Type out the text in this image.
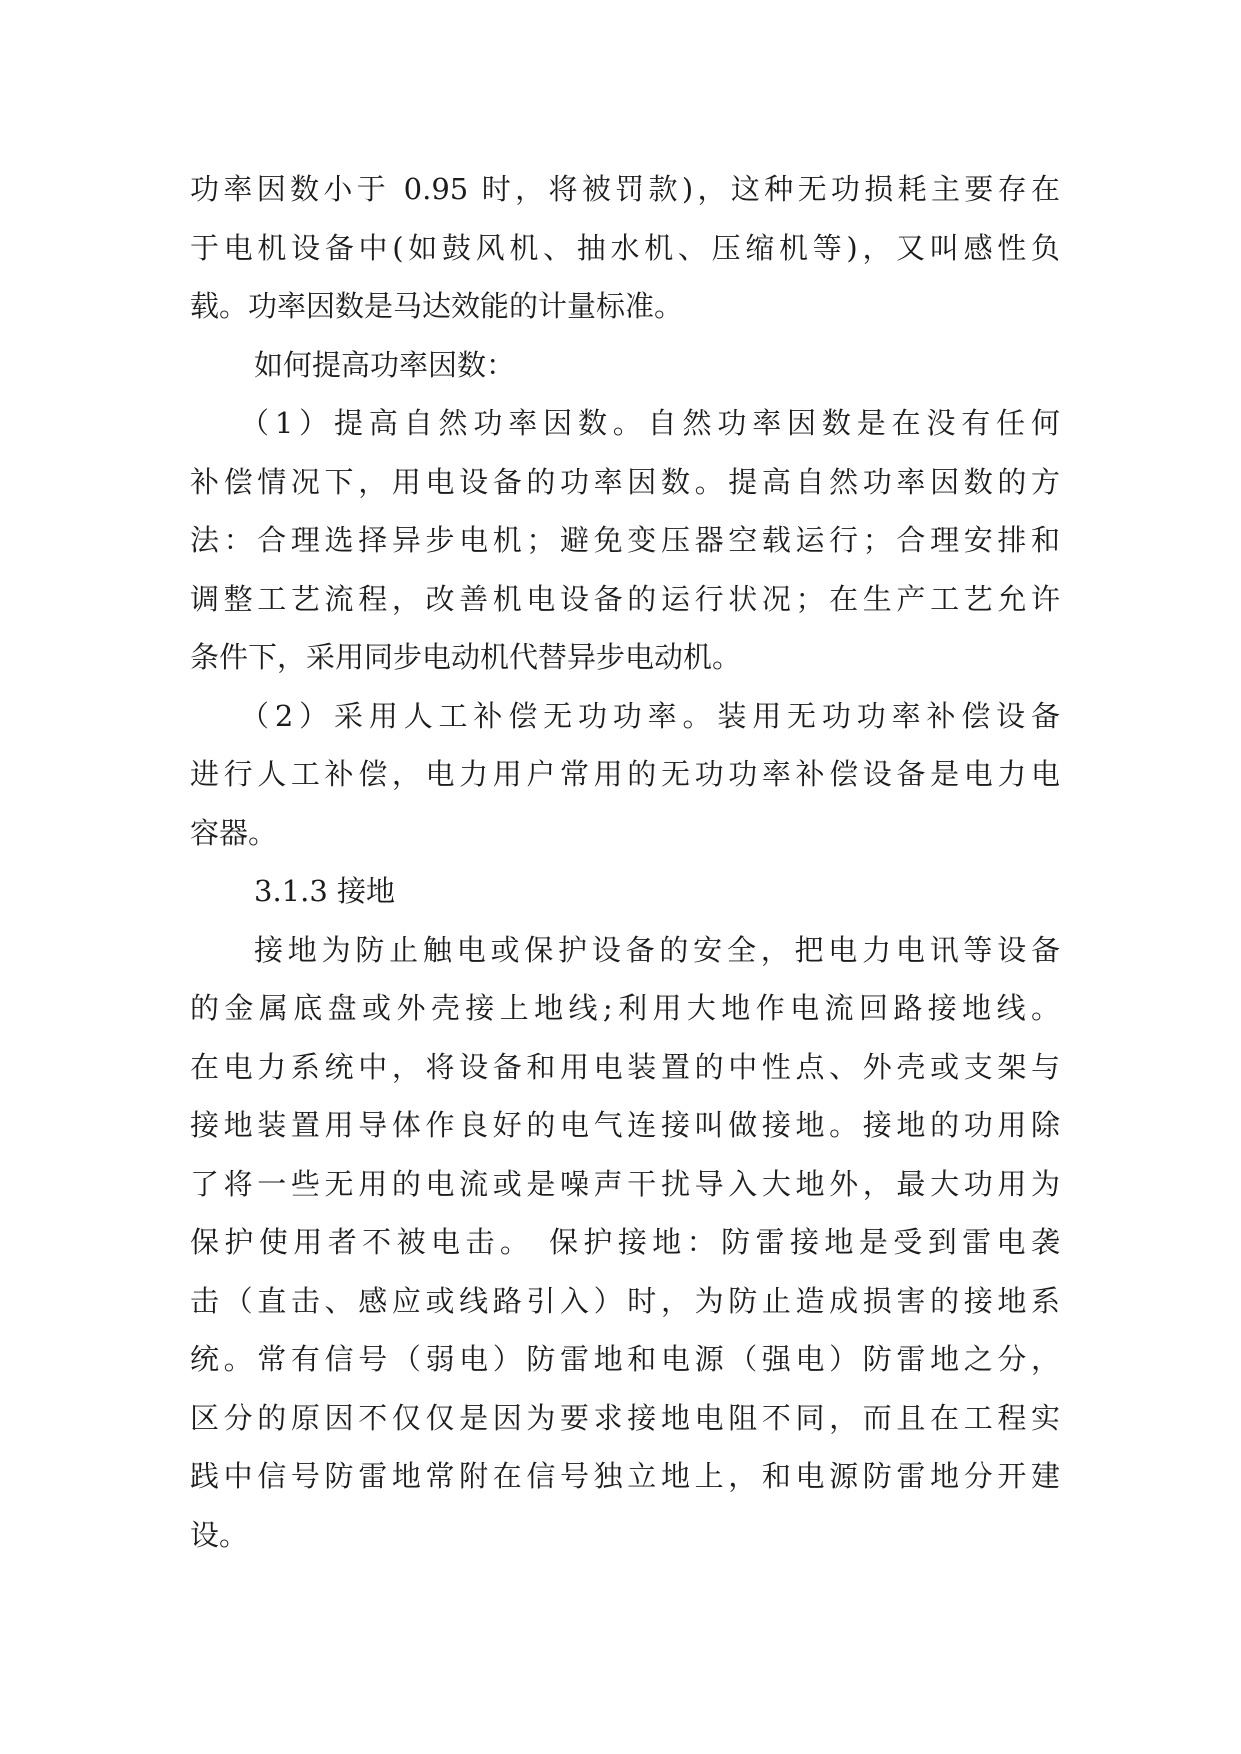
功率因数小于 0.95 时，将被罚款)，这种无功损耗主要存在
于电机设备中(如鼓风机、抽水机、压缩机等)，又叫感性负
载。功率因数是马达效能的计量标准。
如何提高功率因数：
（1）提高自然功率因数。自然功率因数是在没有任何
补偿情况下，用电设备的功率因数。提高自然功率因数的方
法：合理选择异步电机；避免变压器空载运行；合理安排和
调整工艺流程，改善机电设备的运行状况；在生产工艺允许
条件下，采用同步电动机代替异步电动机。
（2）采用人工补偿无功功率。装用无功功率补偿设备
进行人工补偿，电力用户常用的无功功率补偿设备是电力电
容器。
3.1.3 接地
接地为防止触电或保护设备的安全，把电力电讯等设备
的金属底盘或外壳接上地线;利用大地作电流回路接地线。
在电力系统中，将设备和用电装置的中性点、外壳或支架与
接地装置用导体作良好的电气连接叫做接地。接地的功用除
了将一些无用的电流或是噪声干扰导入大地外，最大功用为
保护使用者不被电击。 保护接地：防雷接地是受到雷电袭
击（直击、感应或线路引入）时，为防止造成损害的接地系
统。常有信号（弱电）防雷地和电源（强电）防雷地之分，
区分的原因不仅仅是因为要求接地电阻不同，而且在工程实
践中信号防雷地常附在信号独立地上，和电源防雷地分开建
设。
